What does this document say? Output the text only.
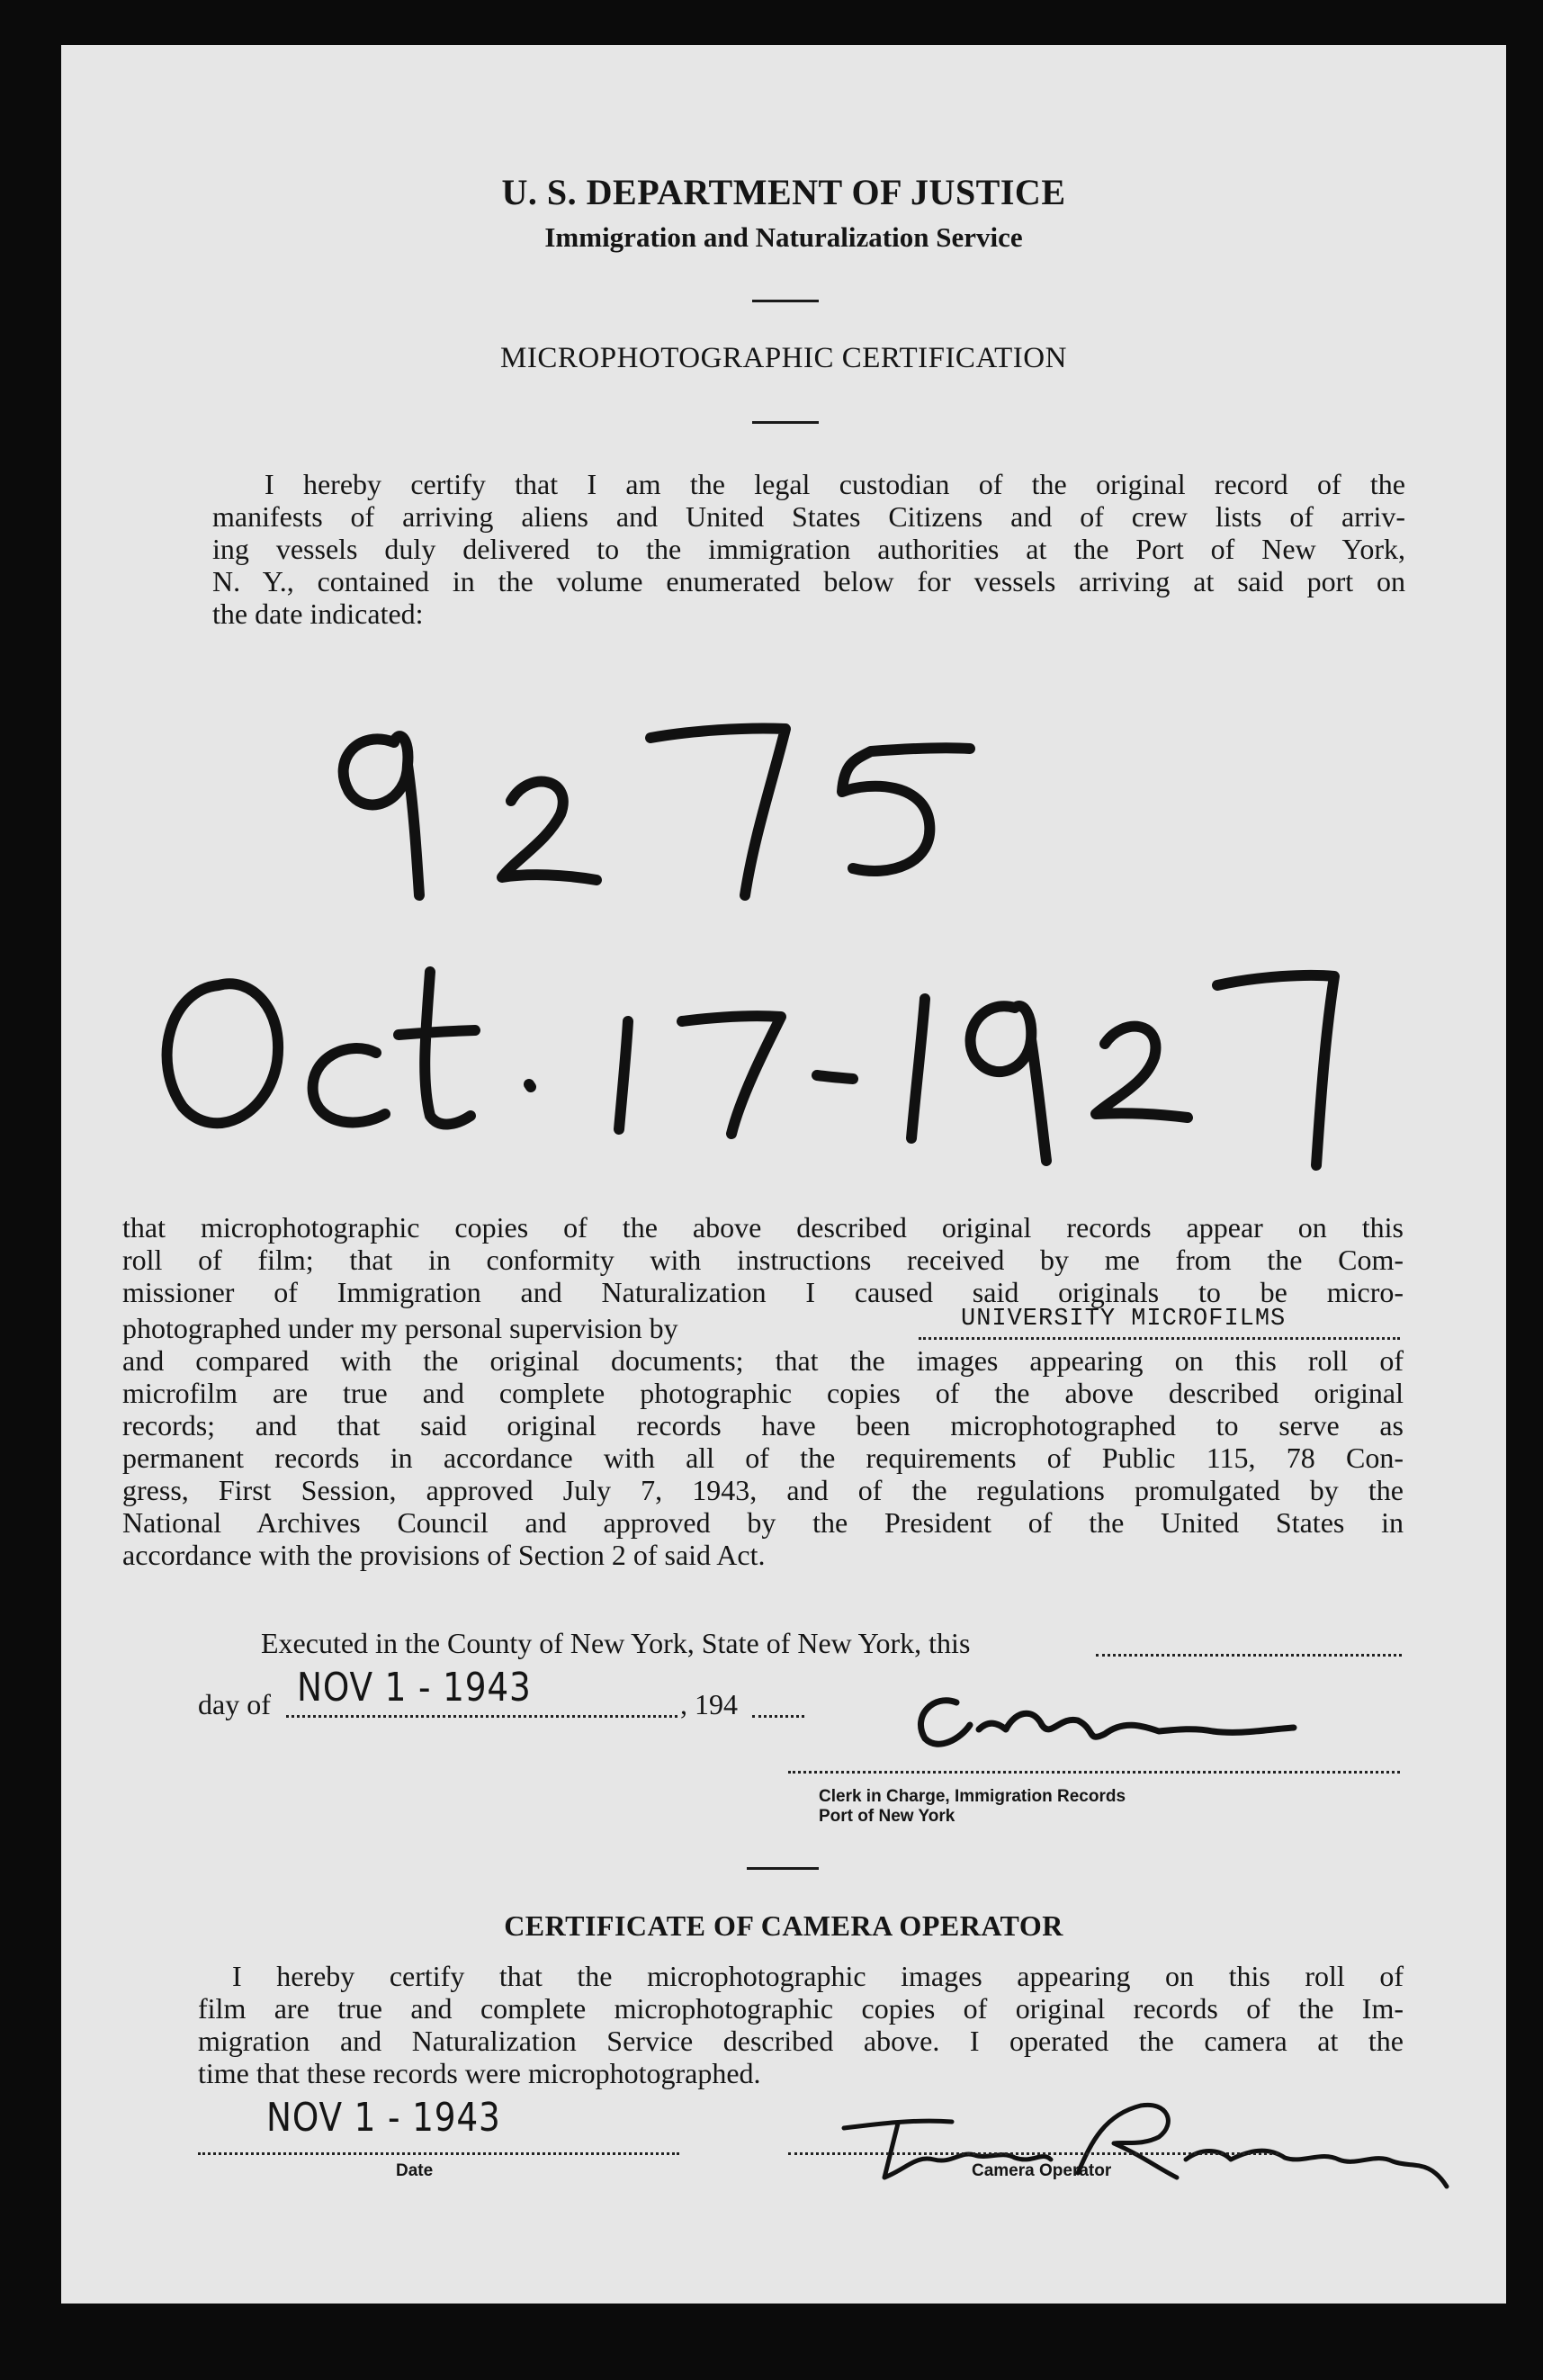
U. S. DEPARTMENT OF JUSTICE
Immigration and Naturalization Service
MICROPHOTOGRAPHIC CERTIFICATION
I hereby certify that I am the legal custodian of the original record of the
manifests of arriving aliens and United States Citizens and of crew lists of arriv-
ing vessels duly delivered to the immigration authorities at the Port of New York,
N. Y., contained in the volume enumerated below for vessels arriving at said port on
the date indicated:
that microphotographic copies of the above described original records appear on this
roll of film; that in conformity with instructions received by me from the Com-
missioner of Immigration and Naturalization I caused said originals to be micro-
photographed under my personal supervision by	UNIVERSITY MICROFILMS
and compared with the original documents; that the images appearing on this roll of
microfilm are true and complete photographic copies of the above described original
records; and that said original records have been microphotographed to serve as
permanent records in accordance with all of the requirements of Public 115, 78 Con-
gress, First Session, approved July 7, 1943, and of the regulations promulgated by the
National Archives Council and approved by the President of the United States in
accordance with the provisions of Section 2 of said Act.
Executed in the County of New York, State of New York, this
day of NOV 1 - 1943	, 194
Clerk in Charge, Immigration Records
Port of New York
CERTIFICATE OF CAMERA OPERATOR
I hereby certify that the microphotographic images appearing on this roll of
film are true and complete microphotographic copies of original records of the Im-
migration and Naturalization Service described above. I operated the camera at the
time that these records were microphotographed.
NOV 1 - 1943
Date	Camera Operator
